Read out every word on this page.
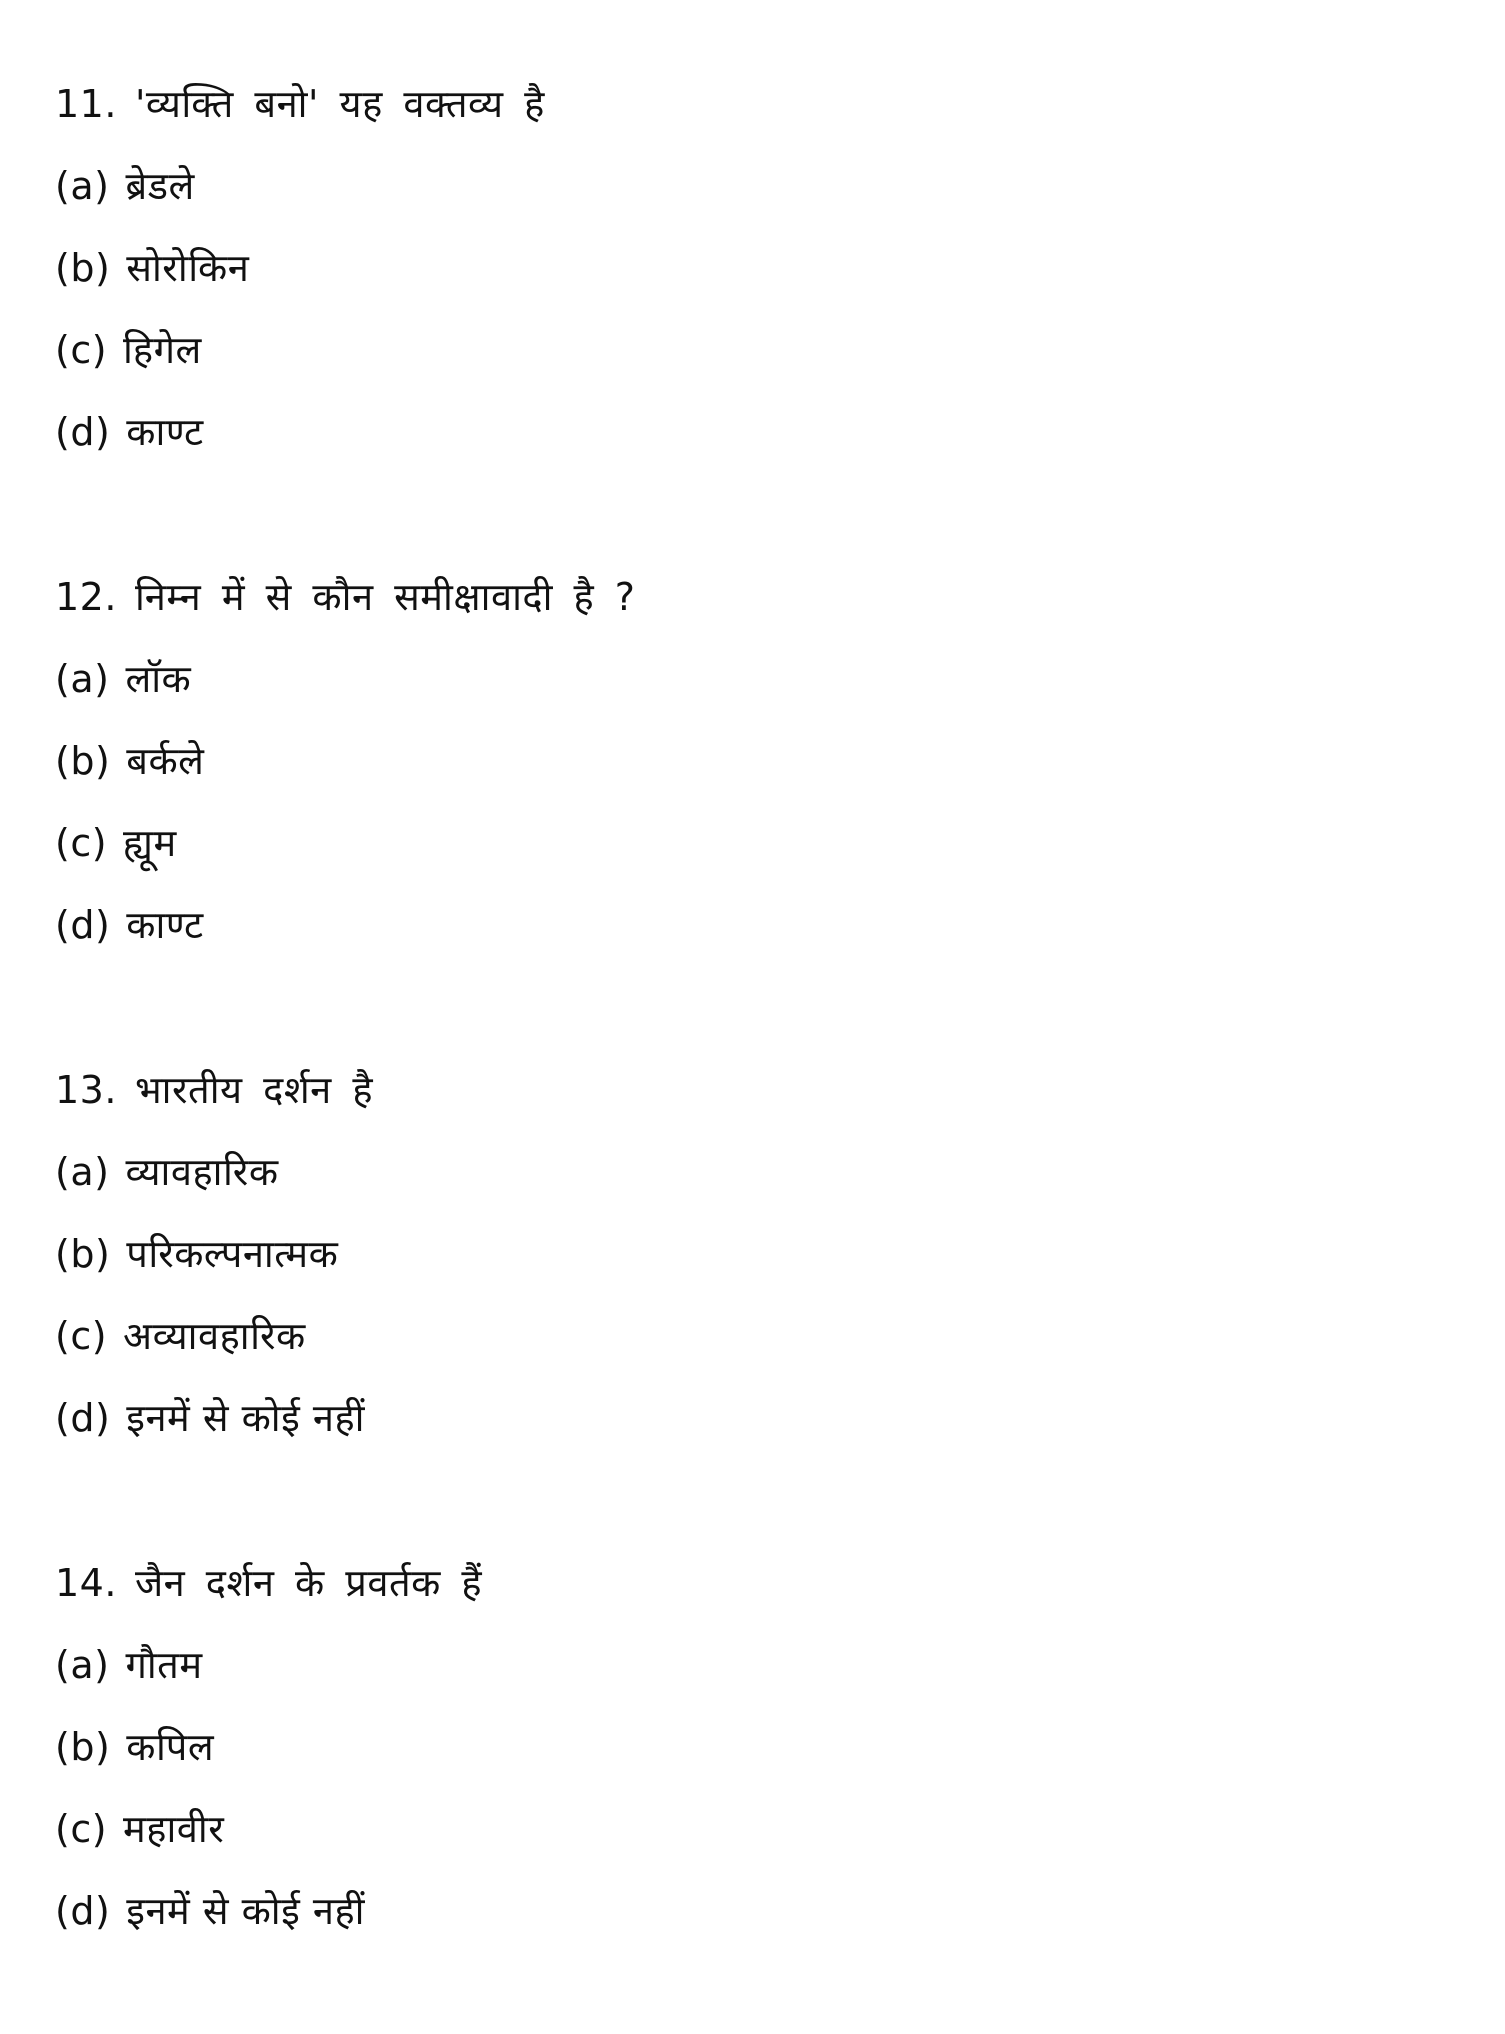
11. 'व्यक्ति बनो' यह वक्तव्य है
(a) ब्रेडले
(b) सोरोकिन
(c) हिगेल
(d) काण्ट
12. निम्न में से कौन समीक्षावादी है ?
(a) लॉक
(b) बर्कले
(c) ह्यूम
(d) काण्ट
13. भारतीय दर्शन है
(a) व्यावहारिक
(b) परिकल्पनात्मक
(c) अव्यावहारिक
(d) इनमें से कोई नहीं
14. जैन दर्शन के प्रवर्तक हैं
(a) गौतम
(b) कपिल
(c) महावीर
(d) इनमें से कोई नहीं
